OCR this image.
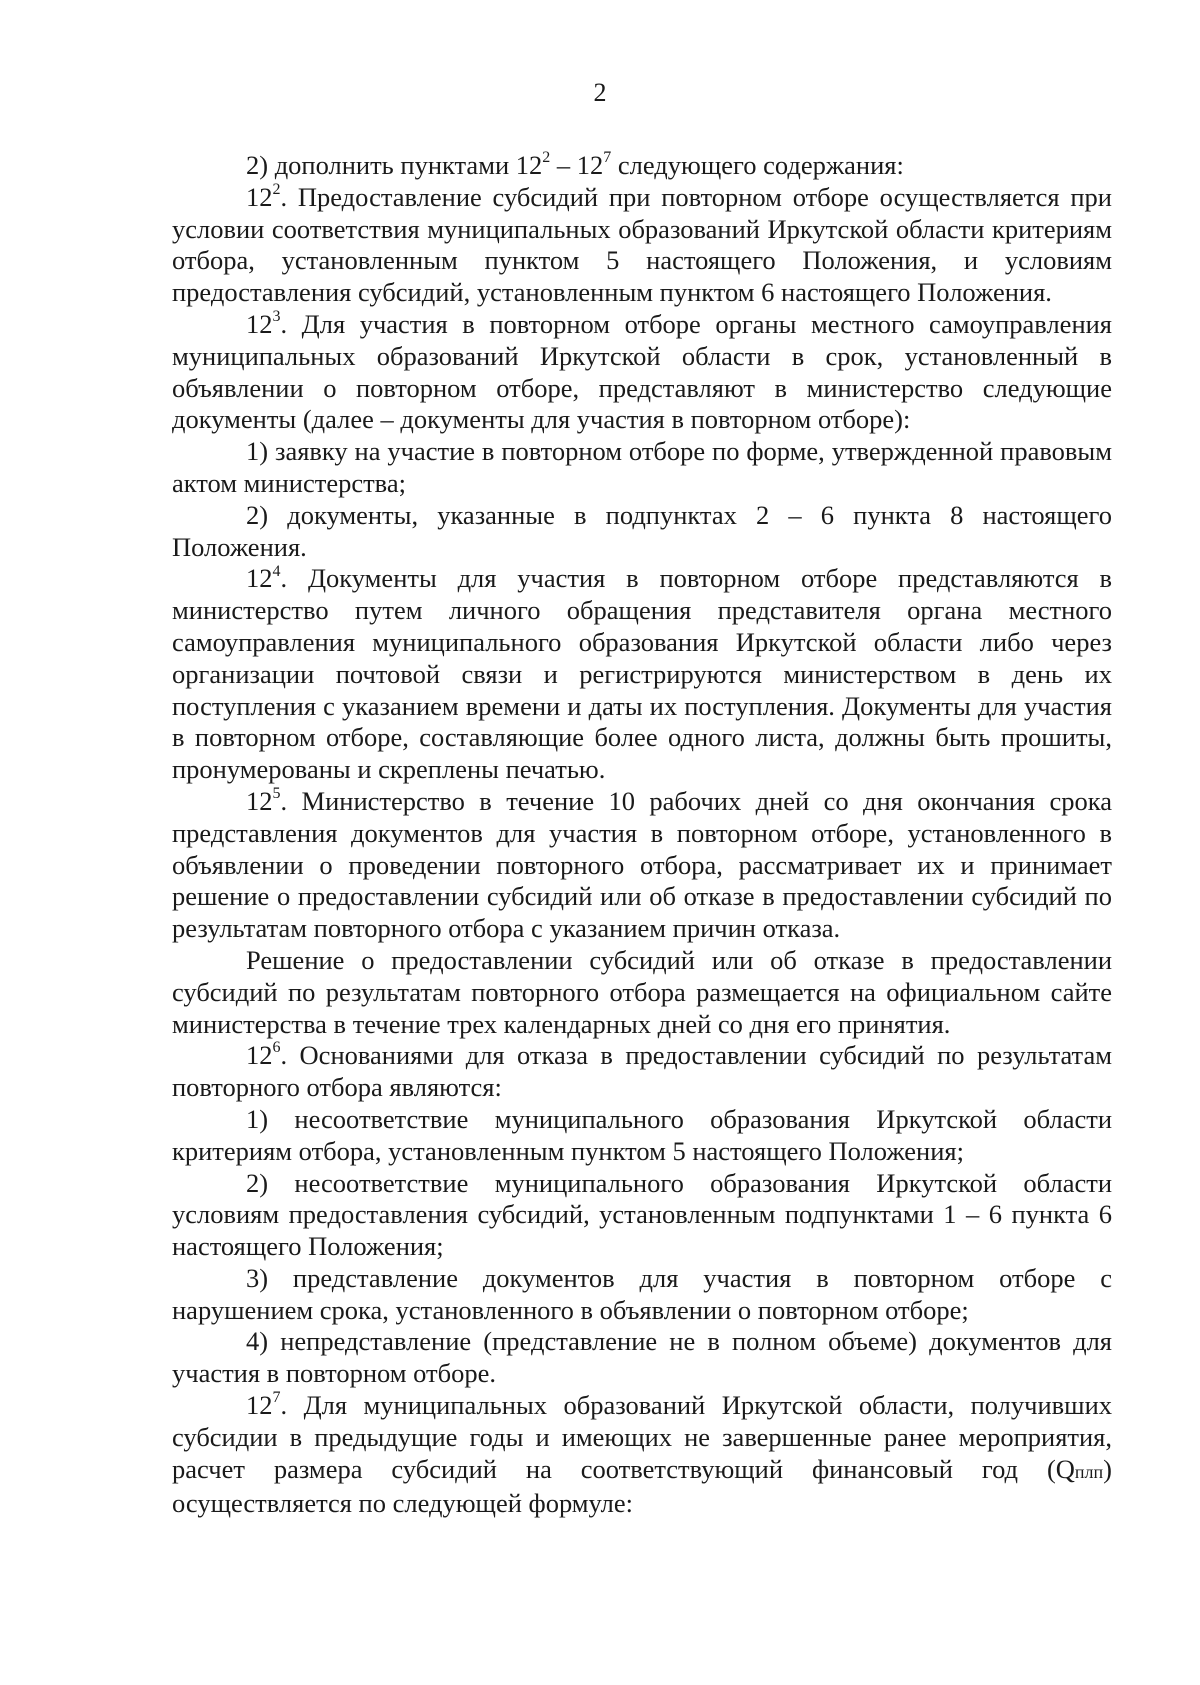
2

2) дополнить пунктами $12^2 - 12^7$ следующего содержания:

$12^2$. Предоставление субсидий при повторном отборе осуществляется при условии соответствия муниципальных образований Иркутской области критериям отбора, установленным пунктом 5 настоящего Положения, и условиям предоставления субсидий, установленным пунктом 6 настоящего Положения.

$12^3$. Для участия в повторном отборе органы местного самоуправления муниципальных образований Иркутской области в срок, установленный в объявлении о повторном отборе, представляют в министерство следующие документы (далее – документы для участия в повторном отборе):

1) заявку на участие в повторном отборе по форме, утвержденной правовым актом министерства;

2) документы, указанные в подпунктах 2 – 6 пункта 8 настоящего Положения.

$12^4$. Документы для участия в повторном отборе представляются в министерство путем личного обращения представителя органа местного самоуправления муниципального образования Иркутской области либо через организации почтовой связи и регистрируются министерством в день их поступления с указанием времени и даты их поступления. Документы для участия в повторном отборе, составляющие более одного листа, должны быть прошиты, пронумерованы и скреплены печатью.

$12^5$. Министерство в течение 10 рабочих дней со дня окончания срока представления документов для участия в повторном отборе, установленного в объявлении о проведении повторного отбора, рассматривает их и принимает решение о предоставлении субсидий или об отказе в предоставлении субсидий по результатам повторного отбора с указанием причин отказа.

Решение о предоставлении субсидий или об отказе в предоставлении субсидий по результатам повторного отбора размещается на официальном сайте министерства в течение трех календарных дней со дня его принятия.

$12^6$. Основаниями для отказа в предоставлении субсидий по результатам повторного отбора являются:

1) несоответствие муниципального образования Иркутской области критериям отбора, установленным пунктом 5 настоящего Положения;

2) несоответствие муниципального образования Иркутской области условиям предоставления субсидий, установленным подпунктами 1 – 6 пункта 6 настоящего Положения;

3) представление документов для участия в повторном отборе с нарушением срока, установленного в объявлении о повторном отборе;

4) непредставление (представление не в полном объеме) документов для участия в повторном отборе.

$12^7$. Для муниципальных образований Иркутской области, получивших субсидии в предыдущие годы и имеющих не завершенные ранее мероприятия, расчет размера субсидий на соответствующий финансовый год (Qплп) осуществляется по следующей формуле:
